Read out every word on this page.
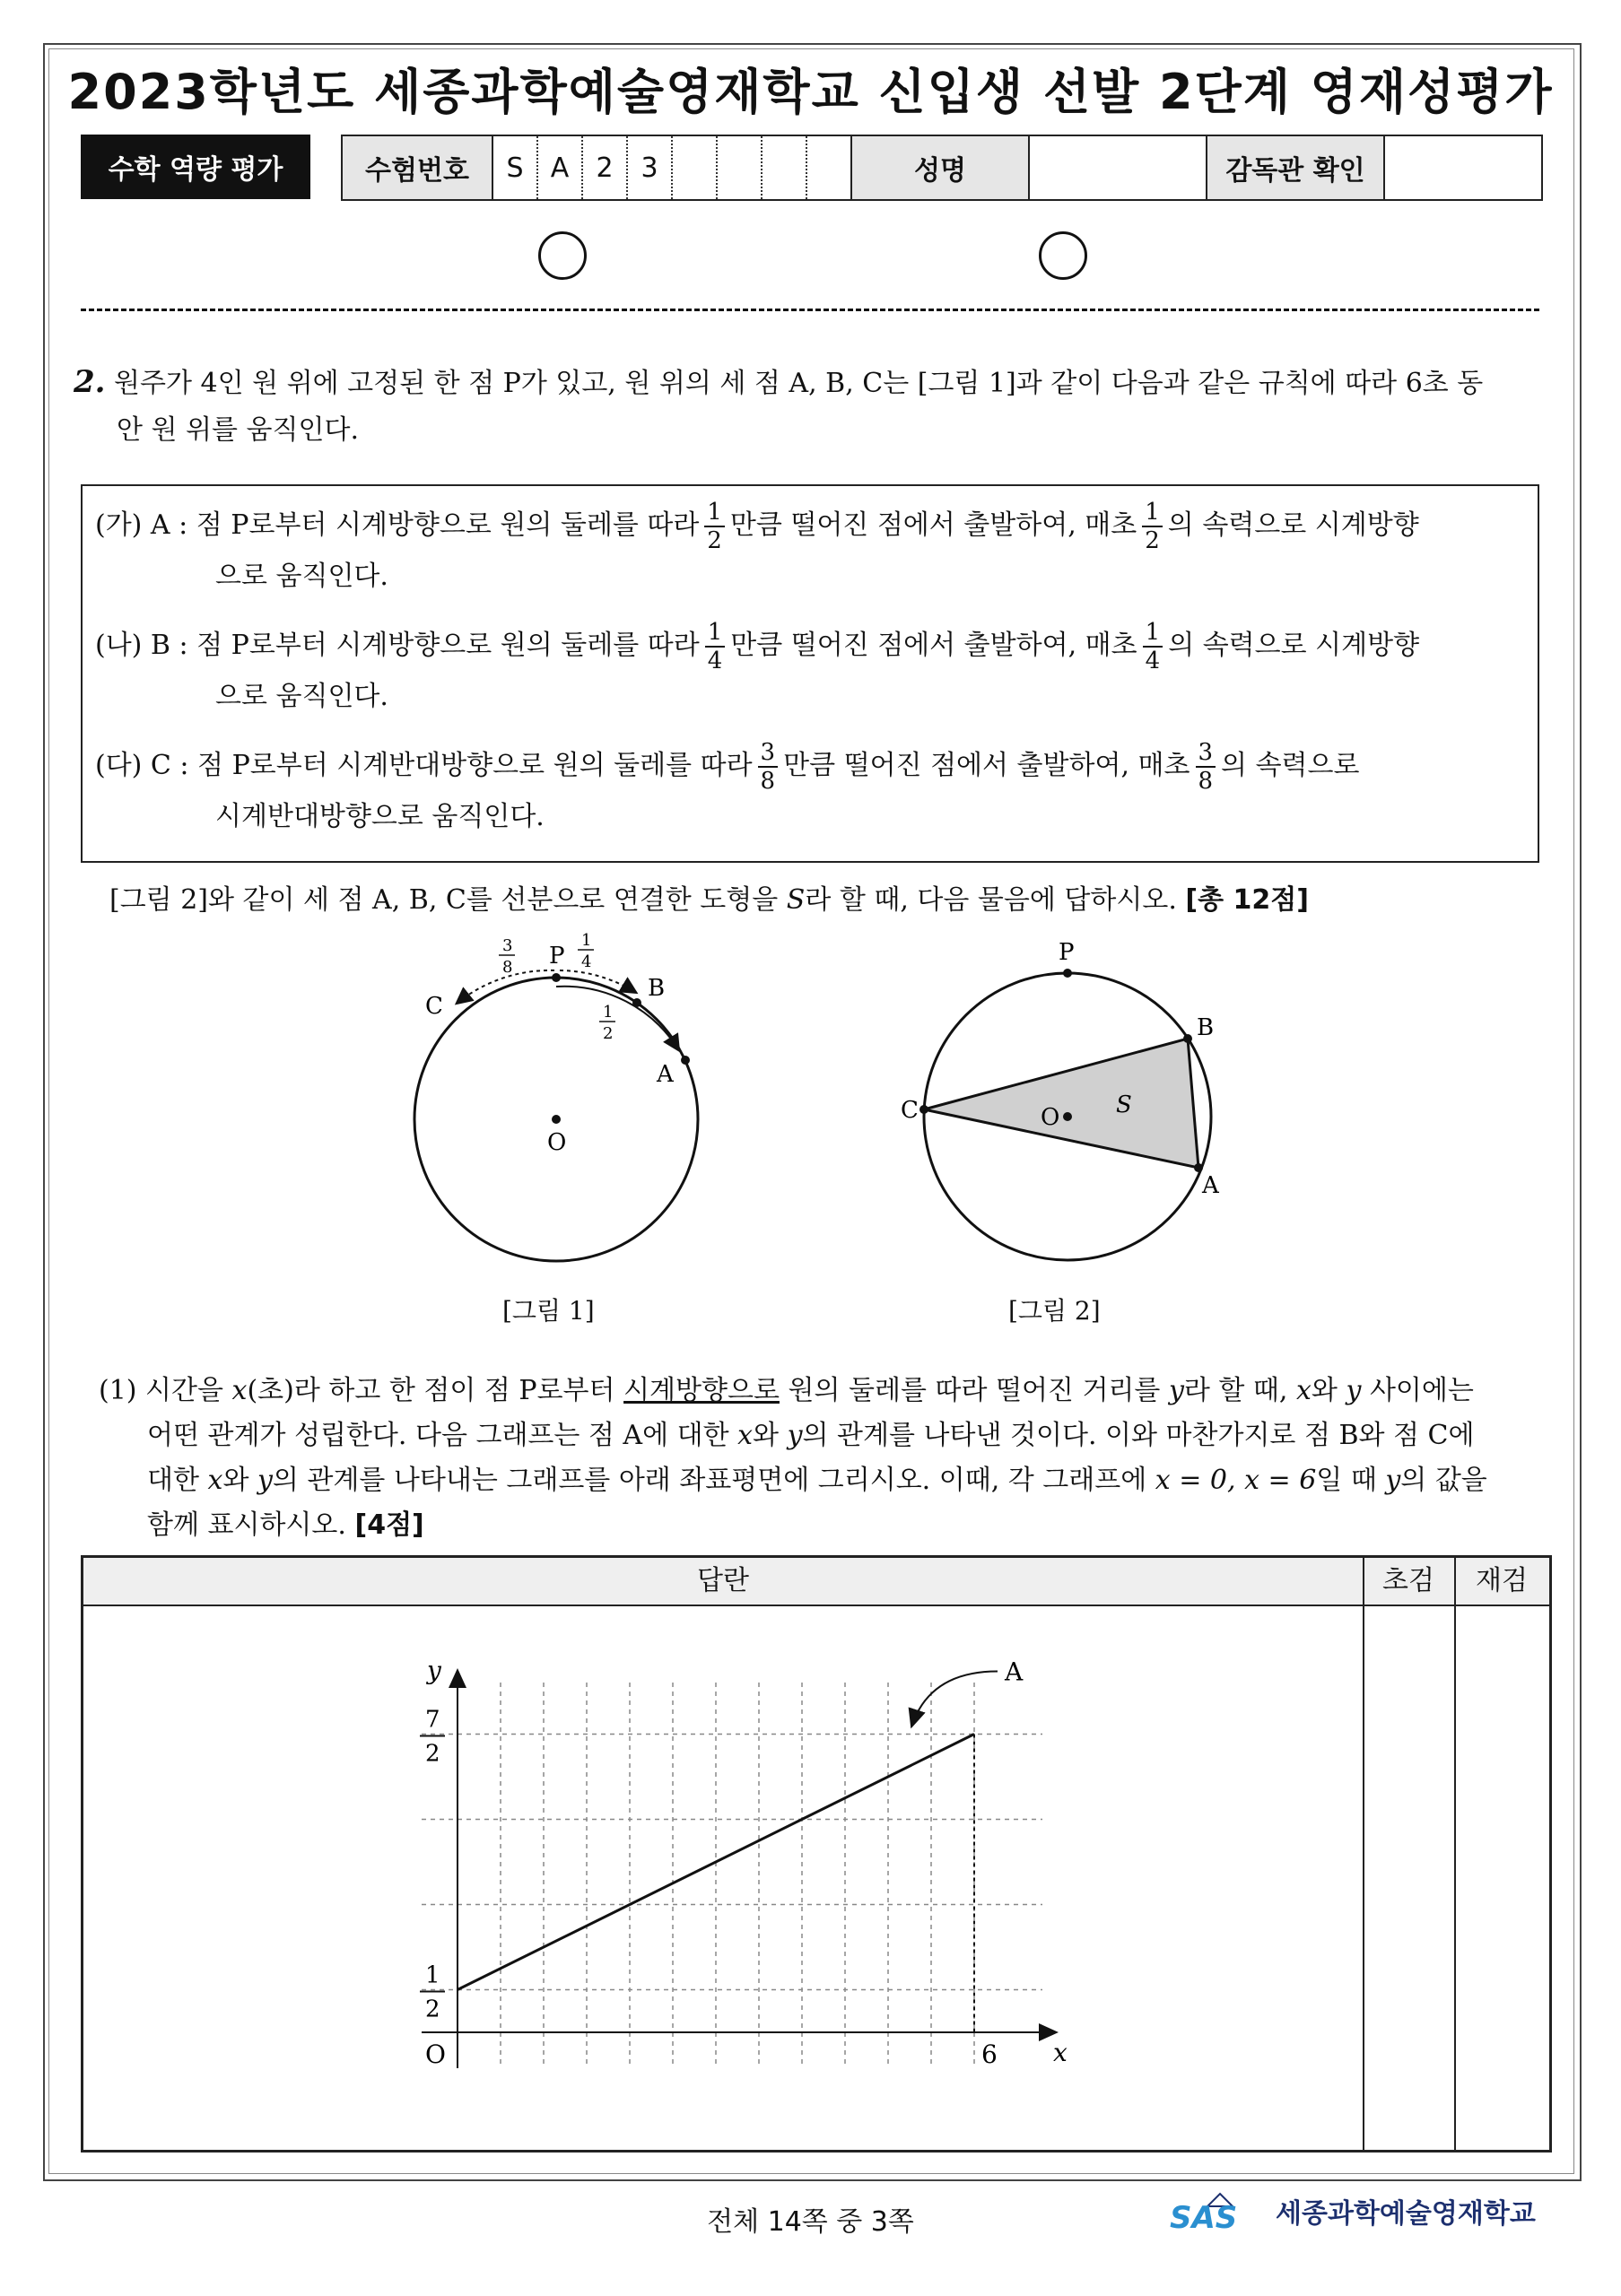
2023학년도 세종과학예술영재학교 신입생 선발 2단계 영재성평가
수학 역량 평가	수험번호	S	A	2	3	성명	감독관 확인
2. 원주가 4인 원 위에 고정된 한 점 P가 있고, 원 위의 세 점 A, B, C는 [그림 1]과 같이 다음과 같은 규칙에 따라 6초 동
안 원 위를 움직인다.
(가) A : 점 P로부터 시계방향으로 원의 둘레를 따라 $\frac{1}{2}$ 만큼 떨어진 점에서 출발하여, 매초 $\frac{1}{2}$ 의 속력으로 시계방향
으로 움직인다.
(나) B : 점 P로부터 시계방향으로 원의 둘레를 따라 $\frac{1}{4}$ 만큼 떨어진 점에서 출발하여, 매초 $\frac{1}{4}$ 의 속력으로 시계방향
으로 움직인다.
(다) C : 점 P로부터 시계반대방향으로 원의 둘레를 따라 $\frac{3}{8}$ 만큼 떨어진 점에서 출발하여, 매초 $\frac{3}{8}$ 의 속력으로
시계반대방향으로 움직인다.
[그림 2]와 같이 세 점 A, B, C를 선분으로 연결한 도형을 S라 할 때, 다음 물음에 답하시오. [총 12점]
P
B
A
C
O
3
8
1
4
1
2
[그림 1]
P
B
A
C	O S
[그림 2]
(1) 시간을 x(초)라 하고 한 점이 점 P로부터 시계방향으로 원의 둘레를 따라 떨어진 거리를 y라 할 때, x와 y 사이에는
어떤 관계가 성립한다. 다음 그래프는 점 A에 대한 x와 y의 관계를 나타낸 것이다. 이와 마찬가지로 점 B와 점 C에
대한 x와 y의 관계를 나타내는 그래프를 아래 좌표평면에 그리시오. 이때, 각 그래프에 x = 0, x = 6일 때 y의 값을
함께 표시하시오. [4점]
답란	초검	재검
A
y
x
O	6
1
2
7
2
전체 14쪽 중 3쪽	SAS 세종과학예술영재학교
